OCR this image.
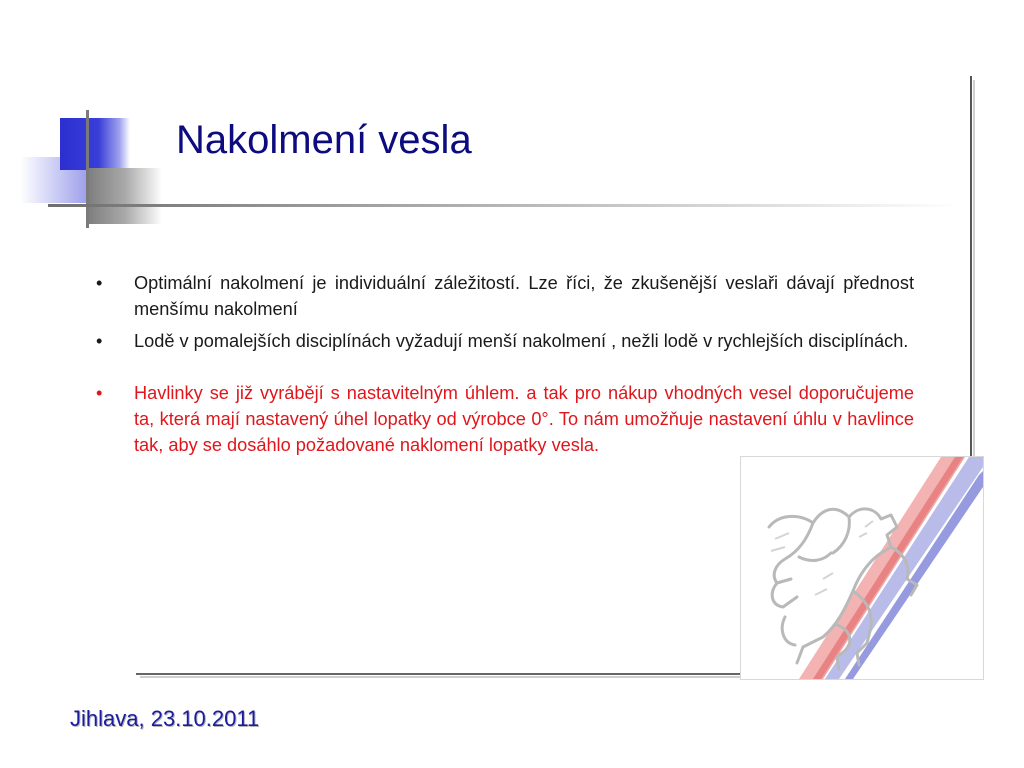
Nakolmení vesla
• Optimální nakolmení je individuální záležitostí. Lze říci, že zkušenější veslaři dávají přednost menšímu nakolmení
• Lodě v pomalejších disciplínách vyžadují menší nakolmení , nežli lodě v rychlejších disciplínách.
• Havlinky se již vyrábějí s nastavitelným úhlem. a tak pro nákup vhodných vesel doporučujeme ta, která mají nastavený úhel lopatky od výrobce 0°. To nám umožňuje nastavení úhlu v havlince tak, aby se dosáhlo požadované naklomení lopatky vesla.
Jihlava, 23.10.2011
